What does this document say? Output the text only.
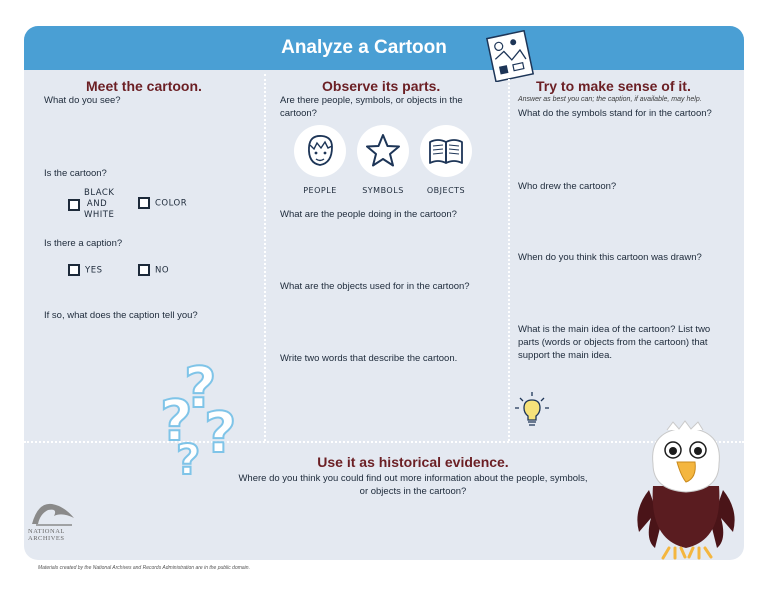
Analyze a Cartoon
Meet the cartoon.
What do you see?
Is the cartoon?
BLACK
AND
WHITE
COLOR
Is there a caption?
YES	NO
If so, what does the caption tell you?
?
? ?
?
Observe its parts.
Are there people, symbols, or objects in the cartoon?
PEOPLE	SYMBOLS	OBJECTS
What are the people doing in the cartoon?
What are the objects used for in the cartoon?
Write two words that describe the cartoon.
Try to make sense of it.
Answer as best you can; the caption, if available, may help.
What do the symbols stand for in the cartoon?
Who drew the cartoon?
When do you think this cartoon was drawn?
What is the main idea of the cartoon? List two parts (words or objects from the cartoon) that support the main idea.
Use it as historical evidence.
Where do you think you could find out more information about the people, symbols, or objects in the cartoon?
NATIONAL
ARCHIVES
Materials created by the National Archives and Records Administration are in the public domain.
